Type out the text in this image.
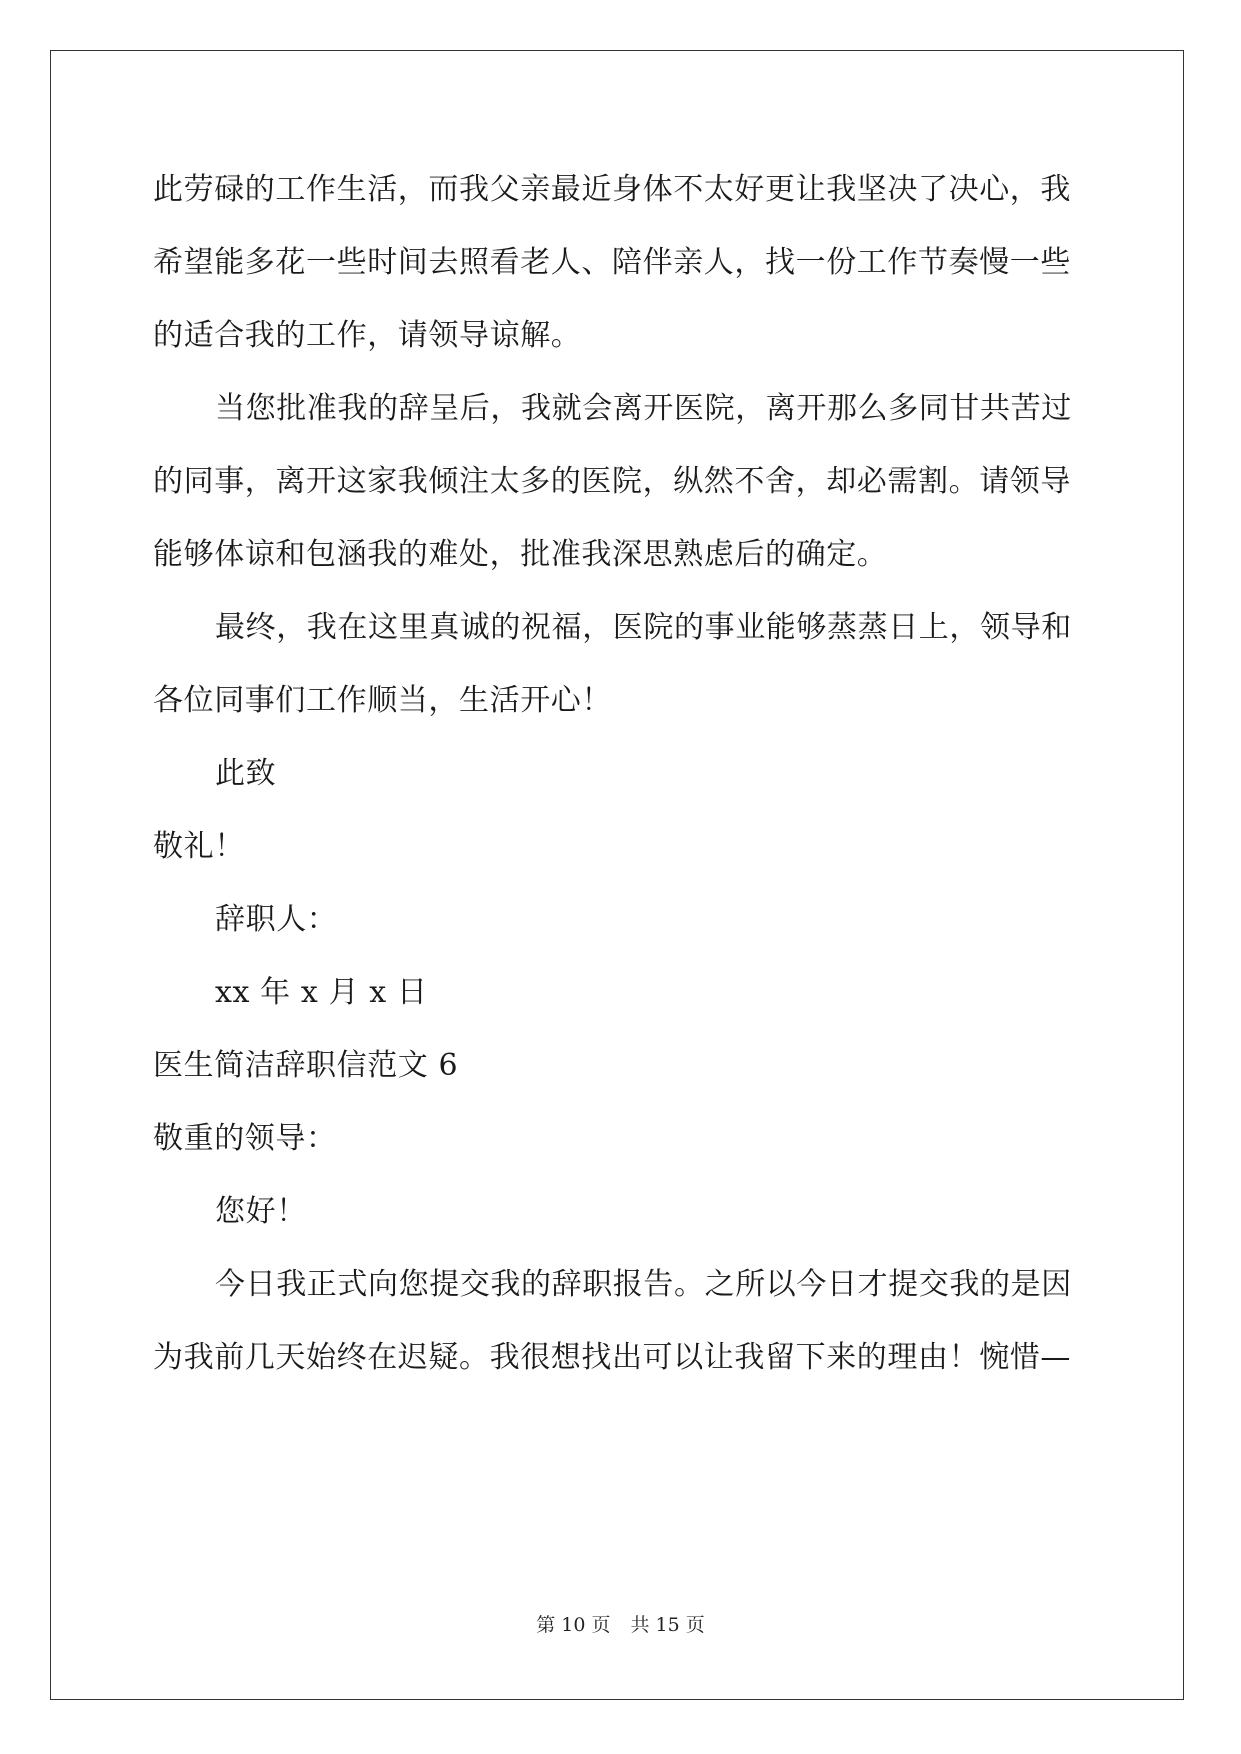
此劳碌的工作生活，而我父亲最近身体不太好更让我坚决了决心，我
希望能多花一些时间去照看老人、陪伴亲人，找一份工作节奏慢一些
的适合我的工作，请领导谅解。
当您批准我的辞呈后，我就会离开医院，离开那么多同甘共苦过
的同事，离开这家我倾注太多的医院，纵然不舍，却必需割。请领导
能够体谅和包涵我的难处，批准我深思熟虑后的确定。
最终，我在这里真诚的祝福，医院的事业能够蒸蒸日上，领导和
各位同事们工作顺当，生活开心！
此致
敬礼！
辞职人：
xx 年 x 月 x 日
医生简洁辞职信范文 6
敬重的领导：
您好！
今日我正式向您提交我的辞职报告。之所以今日才提交我的是因
为我前几天始终在迟疑。我很想找出可以让我留下来的理由！惋惜—
第 10 页 共 15 页
